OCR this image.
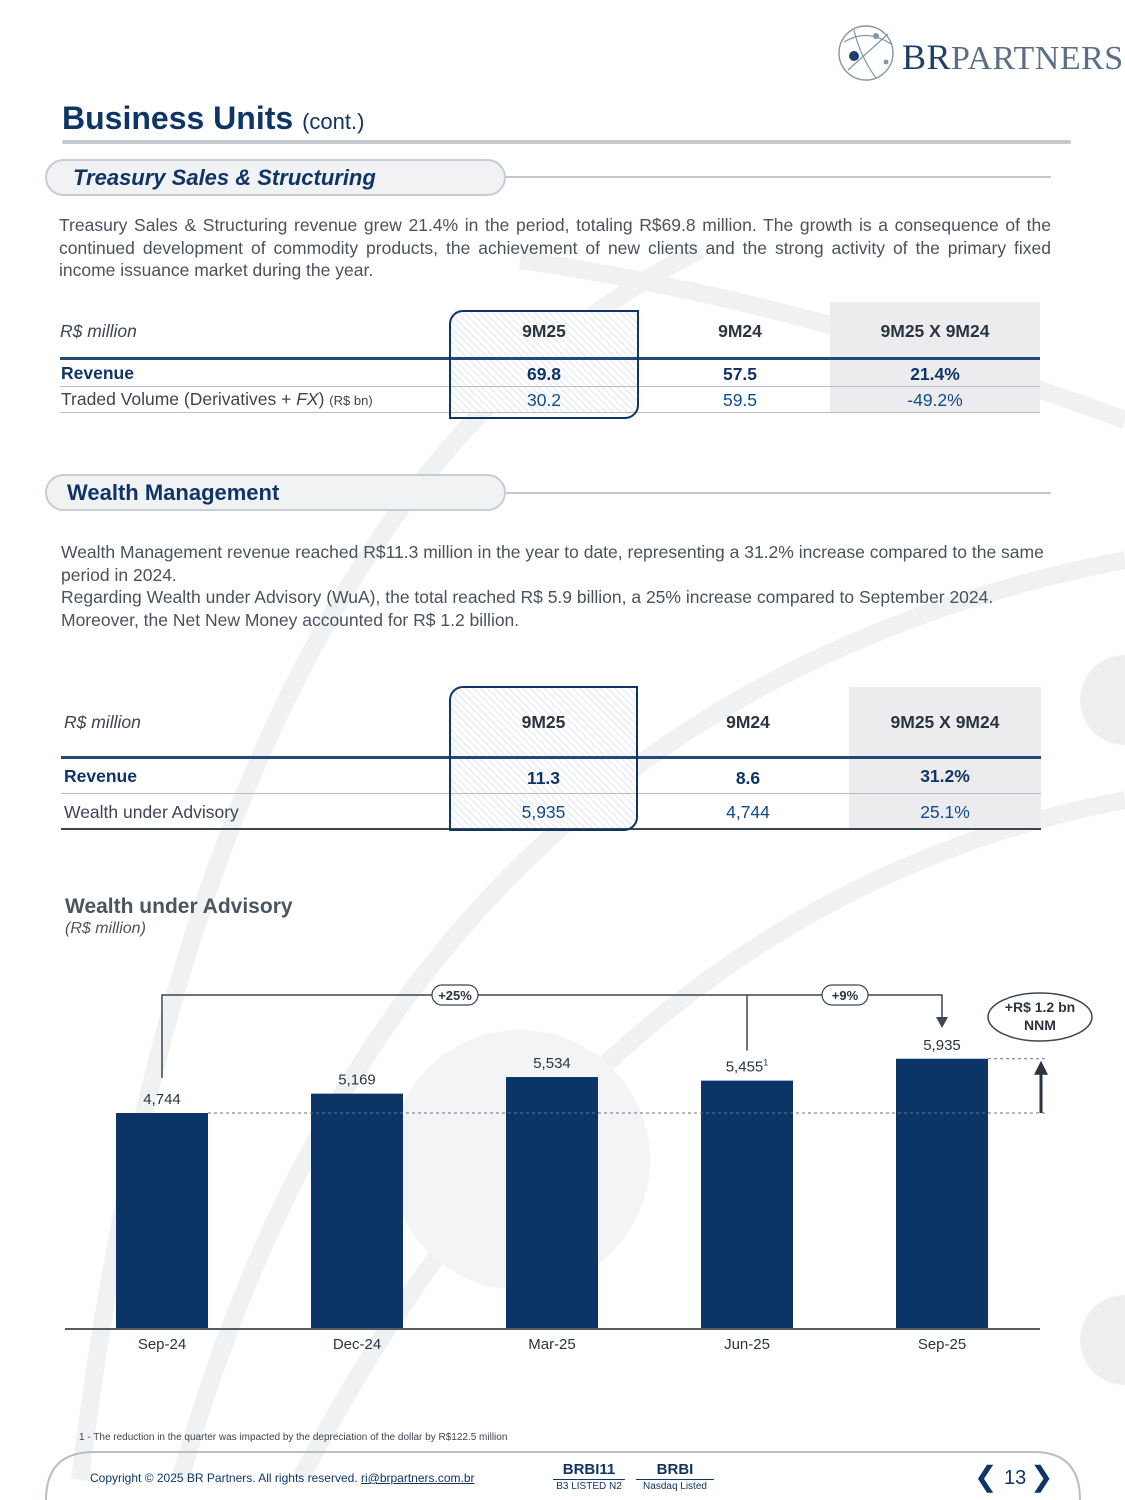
BRPARTNERS
Business Units (cont.)
Treasury Sales & Structuring
Treasury Sales & Structuring revenue grew 21.4% in the period, totaling R$69.8 million. The growth is a consequence of the continued development of commodity products, the achievement of new clients and the strong activity of the primary fixed income issuance market during the year.
R$ million	9M25	9M24	9M25 X 9M24
Revenue	69.8	57.5	21.4%
Traded Volume (Derivatives + FX) (R$ bn)	30.2	59.5	-49.2%
Wealth Management
Wealth Management revenue reached R$11.3 million in the year to date, representing a 31.2% increase compared to the same period in 2024.
Regarding Wealth under Advisory (WuA), the total reached R$ 5.9 billion, a 25% increase compared to September 2024. Moreover, the Net New Money accounted for R$ 1.2 billion.
R$ million	9M25	9M24	9M25 X 9M24
Revenue	11.3	8.6	31.2%
Wealth under Advisory	5,935	4,744	25.1%
Wealth under Advisory
(R$ million)
4,744
Sep-24
5,169
Dec-24
5,534
Mar-25
5,455$^1$
Jun-25
5,935
Sep-25
+25%	+9%
+R$ 1.2 bn
NNM
1 - The reduction in the quarter was impacted by the depreciation of the dollar by R$122.5 million
Copyright © 2025 BR Partners. All rights reserved. ri@brpartners.com.br	BRBI11
B3 LISTED N2
BRBI
Nasdaq Listed	❮ 13 ❯
